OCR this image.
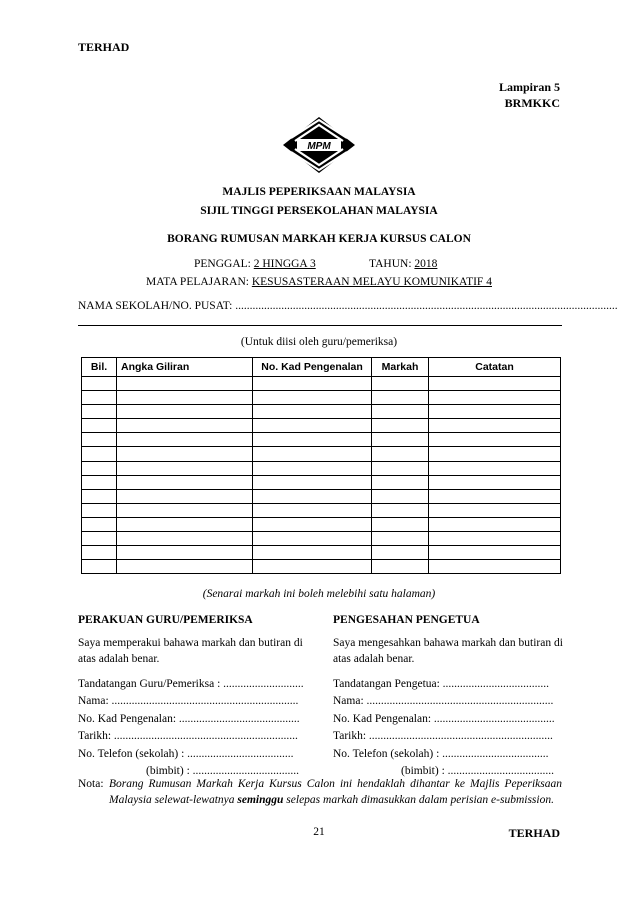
TERHAD
Lampiran 5
BRMKKC
MPM
MAJLIS PEPERIKSAAN MALAYSIA
SIJIL TINGGI PERSEKOLAHAN MALAYSIA
BORANG RUMUSAN MARKAH KERJA KURSUS CALON
PENGGAL: 2 HINGGA 3	TAHUN: 2018
MATA PELAJARAN: KESUSASTERAAN MELAYU KOMUNIKATIF 4
NAMA SEKOLAH/NO. PUSAT: .....................................................................................................................................
(Untuk diisi oleh guru/pemeriksa)
Bil.	Angka Giliran	No. Kad Pengenalan	Markah	Catatan

(Senarai markah ini boleh melebihi satu halaman)
PERAKUAN GURU/PEMERIKSA
Saya memperakui bahawa markah dan butiran di atas adalah benar.
Tandatangan Guru/Pemeriksa : ............................
Nama: .................................................................
No. Kad Pengenalan: ..........................................
Tarikh: ................................................................
No. Telefon (sekolah) : .....................................
(bimbit) : .....................................
PENGESAHAN PENGETUA
Saya mengesahkan bahawa markah dan butiran di atas adalah benar.
Tandatangan Pengetua: .....................................
Nama: .................................................................
No. Kad Pengenalan: ..........................................
Tarikh: ................................................................
No. Telefon (sekolah) : .....................................
(bimbit) : .....................................
Nota: Borang Rumusan Markah Kerja Kursus Calon ini hendaklah dihantar ke Majlis Peperiksaan Malaysia selewat-lewatnya seminggu selepas markah dimasukkan dalam perisian e-submission.
21	TERHAD
